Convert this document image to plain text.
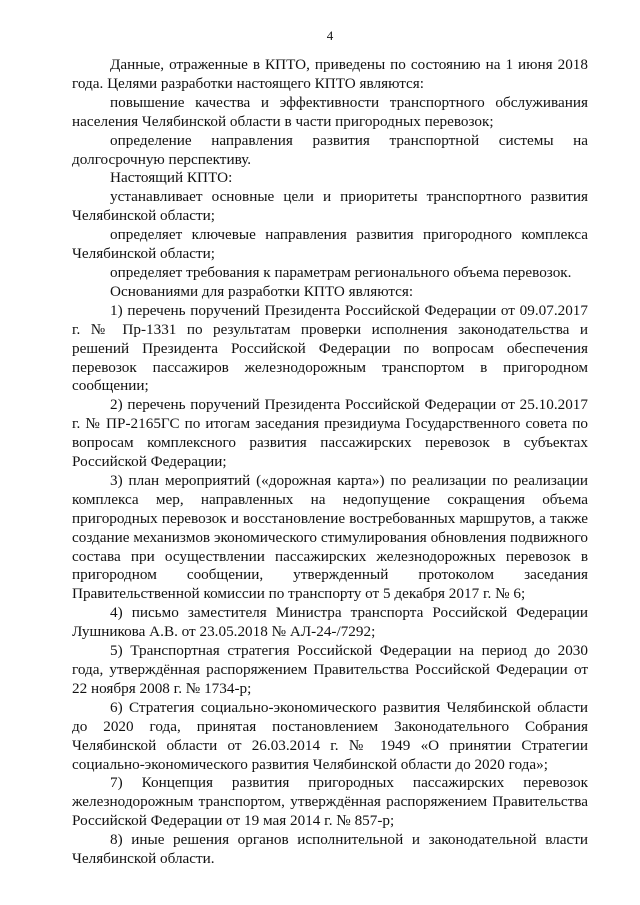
4

Данные, отраженные в КПТО, приведены по состоянию на 1 июня 2018 года. Целями разработки настоящего КПТО являются:

повышение качества и эффективности транспортного обслуживания населения Челябинской области в части пригородных перевозок;

определение направления развития транспортной системы на долгосрочную перспективу.

Настоящий КПТО:

устанавливает основные цели и приоритеты транспортного развития Челябинской области;

определяет ключевые направления развития пригородного комплекса Челябинской области;

определяет требования к параметрам регионального объема перевозок.

Основаниями для разработки КПТО являются:

1) перечень поручений Президента Российской Федерации от 09.07.2017 г. № Пр-1331 по результатам проверки исполнения законодательства и решений Президента Российской Федерации по вопросам обеспечения перевозок пассажиров железнодорожным транспортом в пригородном сообщении;

2) перечень поручений Президента Российской Федерации от 25.10.2017 г. № ПР-2165ГС по итогам заседания президиума Государственного совета по вопросам комплексного развития пассажирских перевозок в субъектах Российской Федерации;

3) план мероприятий («дорожная карта») по реализации по реализации комплекса мер, направленных на недопущение сокращения объема пригородных перевозок и восстановление востребованных маршрутов, а также создание механизмов экономического стимулирования обновления подвижного состава при осуществлении пассажирских железнодорожных перевозок в пригородном сообщении, утвержденный протоколом заседания Правительственной комиссии по транспорту от 5 декабря 2017 г. № 6;

4) письмо заместителя Министра транспорта Российской Федерации Лушникова А.В. от 23.05.2018 № АЛ-24-/7292;

5) Транспортная стратегия Российской Федерации на период до 2030 года, утверждённая распоряжением Правительства Российской Федерации от 22 ноября 2008 г. № 1734-р;

6) Стратегия социально-экономического развития Челябинской области до 2020 года, принятая постановлением Законодательного Собрания Челябинской области от 26.03.2014 г. № 1949 «О принятии Стратегии социально-экономического развития Челябинской области до 2020 года»;

7) Концепция развития пригородных пассажирских перевозок железнодорожным транспортом, утверждённая распоряжением Правительства Российской Федерации от 19 мая 2014 г. № 857-р;

8) иные решения органов исполнительной и законодательной власти Челябинской области.
